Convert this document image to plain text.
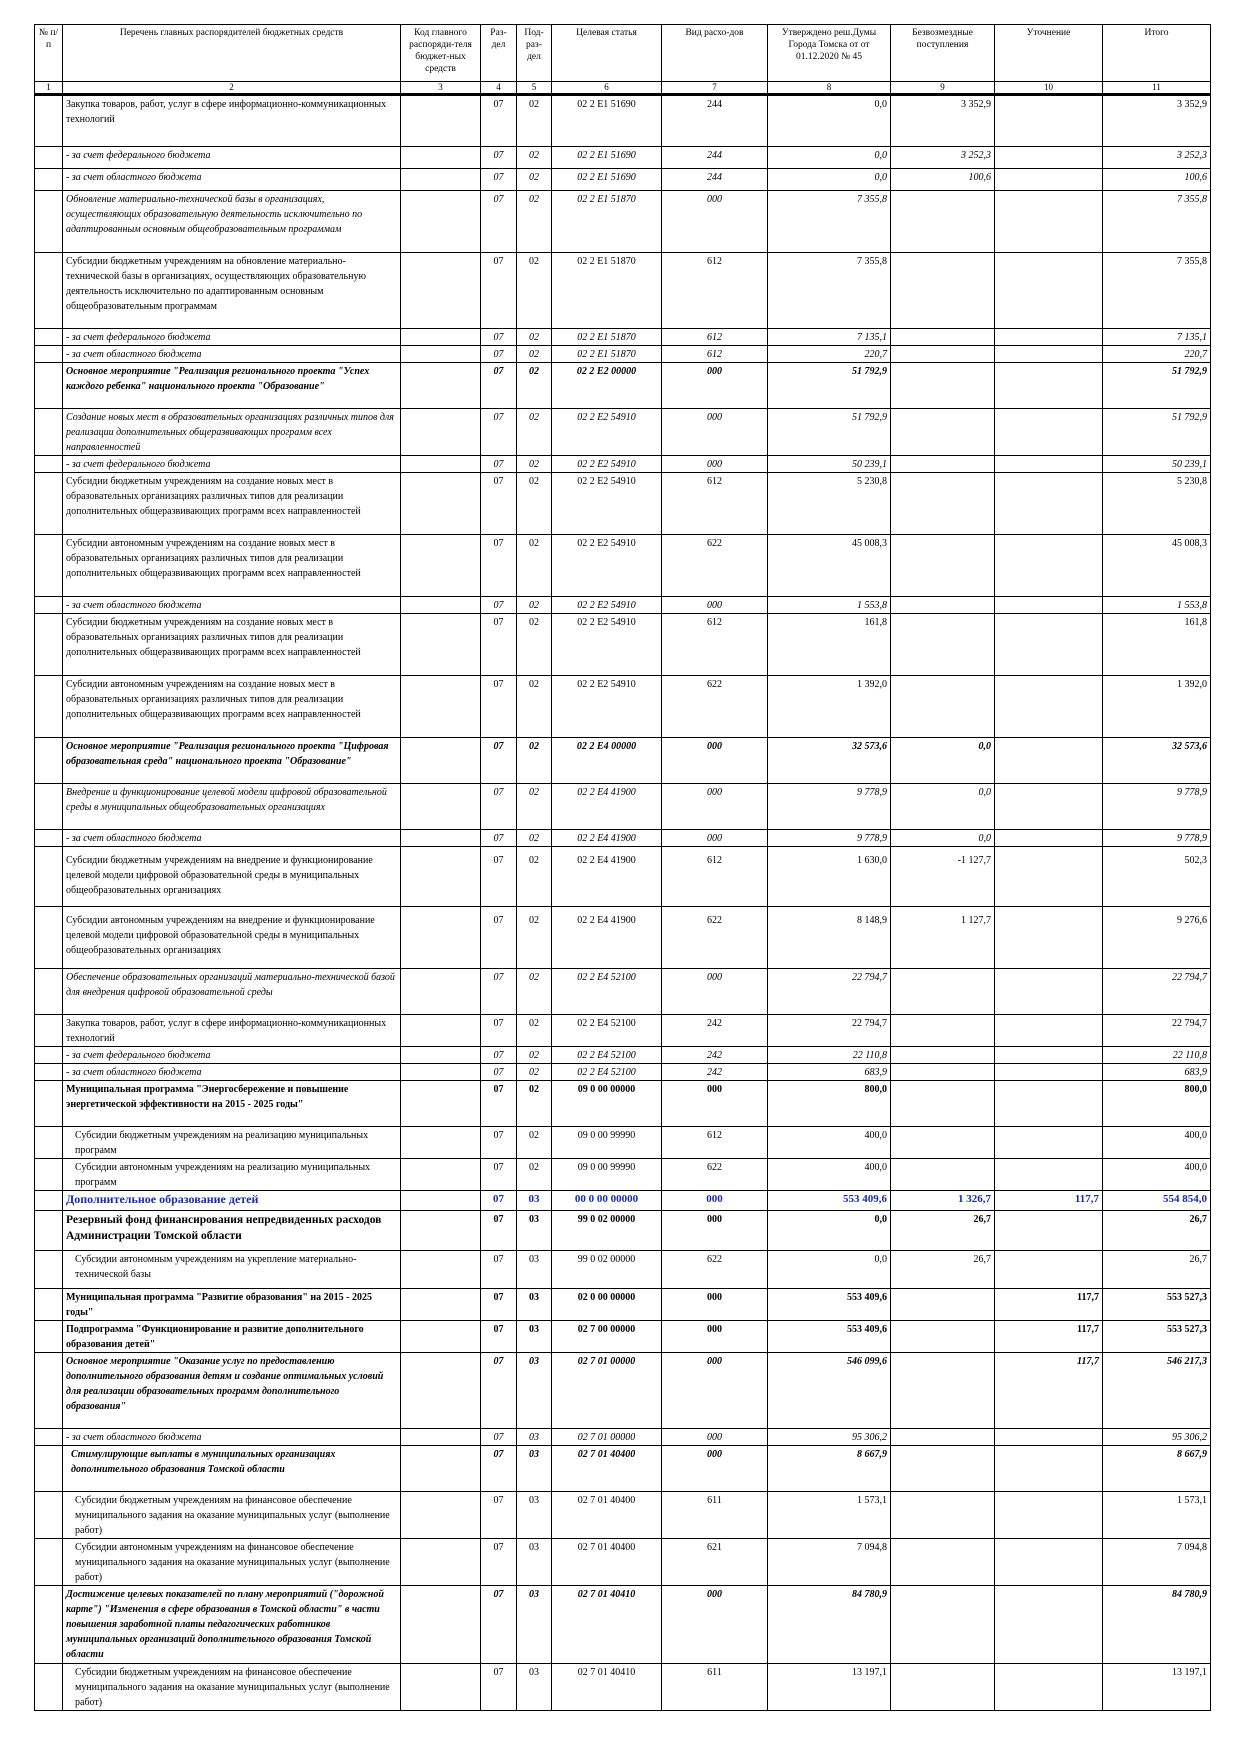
№ п/п	Перечень главных распорядителей бюджетных средств	Код главного распоряди-теля бюджет-ных средств	Раз-дел	Под-раз-дел	Целевая статья	Вид расхо-дов	Утверждено реш.Думы Города Томска от от 01.12.2020 № 45	Безвозмездные поступления	Уточнение	Итого
1	2	3	4	5	6	7	8	9	10	11
	Закупка товаров, работ, услуг в сфере информационно-коммуникационных технологий		07	02	02 2 E1 51690	244	0,0	3 352,9		3 352,9
	- за счет федерального бюджета		07	02	02 2 E1 51690	244	0,0	3 252,3		3 252,3
	- за счет областного бюджета		07	02	02 2 E1 51690	244	0,0	100,6		100,6
	Обновление материально-технической базы в организациях, осуществляющих образовательную деятельность исключительно по адаптированным основным общеобразовательным программам		07	02	02 2 E1 51870	000	7 355,8			7 355,8
	Субсидии бюджетным учреждениям на обновление материально-технической базы в организациях, осуществляющих образовательную деятельность исключительно по адаптированным основным общеобразовательным программам		07	02	02 2 E1 51870	612	7 355,8			7 355,8
	- за счет федерального бюджета		07	02	02 2 E1 51870	612	7 135,1			7 135,1
	- за счет областного бюджета		07	02	02 2 E1 51870	612	220,7			220,7
	Основное мероприятие "Реализация регионального проекта "Успех каждого ребенка" национального проекта "Образование"		07	02	02 2 E2 00000	000	51 792,9			51 792,9
	Создание новых мест в образовательных организациях различных типов для реализации дополнительных общеразвивающих программ всех направленностей		07	02	02 2 E2 54910	000	51 792,9			51 792,9
	- за счет федерального бюджета		07	02	02 2 E2 54910	000	50 239,1			50 239,1
	Субсидии бюджетным учреждениям на создание новых мест в образовательных организациях различных типов для реализации дополнительных общеразвивающих программ всех направленностей		07	02	02 2 E2 54910	612	5 230,8			5 230,8
	Субсидии автономным учреждениям на создание новых мест в образовательных организациях различных типов для реализации дополнительных общеразвивающих программ всех направленностей		07	02	02 2 E2 54910	622	45 008,3			45 008,3
	- за счет областного бюджета		07	02	02 2 E2 54910	000	1 553,8			1 553,8
	Субсидии бюджетным учреждениям на создание новых мест в образовательных организациях различных типов для реализации дополнительных общеразвивающих программ всех направленностей		07	02	02 2 E2 54910	612	161,8			161,8
	Субсидии автономным учреждениям на создание новых мест в образовательных организациях различных типов для реализации дополнительных общеразвивающих программ всех направленностей		07	02	02 2 E2 54910	622	1 392,0			1 392,0
	Основное мероприятие "Реализация регионального проекта "Цифровая образовательная среда" национального проекта "Образование"		07	02	02 2 E4 00000	000	32 573,6	0,0		32 573,6
	Внедрение и функционирование целевой модели цифровой образовательной среды в муниципальных общеобразовательных организациях		07	02	02 2 E4 41900	000	9 778,9	0,0		9 778,9
	- за счет областного бюджета		07	02	02 2 E4 41900	000	9 778,9	0,0		9 778,9
	Субсидии бюджетным учреждениям на внедрение и функционирование целевой модели цифровой образовательной среды в муниципальных общеобразовательных организациях		07	02	02 2 E4 41900	612	1 630,0	-1 127,7		502,3
	Субсидии автономным учреждениям на внедрение и функционирование целевой модели цифровой образовательной среды в муниципальных общеобразовательных организациях		07	02	02 2 E4 41900	622	8 148,9	1 127,7		9 276,6
	Обеспечение образовательных организаций материально-технической базой для внедрения цифровой образовательной среды		07	02	02 2 E4 52100	000	22 794,7			22 794,7
	Закупка товаров, работ, услуг в сфере информационно-коммуникационных технологий		07	02	02 2 E4 52100	242	22 794,7			22 794,7
	- за счет федерального бюджета		07	02	02 2 E4 52100	242	22 110,8			22 110,8
	- за счет областного бюджета		07	02	02 2 E4 52100	242	683,9			683,9
	Муниципальная программа "Энергосбережение и повышение энергетической эффективности на 2015 - 2025 годы"		07	02	09 0 00 00000	000	800,0			800,0
	Субсидии бюджетным учреждениям на реализацию муниципальных программ		07	02	09 0 00 99990	612	400,0			400,0
	Субсидии автономным учреждениям на реализацию муниципальных программ		07	02	09 0 00 99990	622	400,0			400,0
	Дополнительное образование детей		07	03	00 0 00 00000	000	553 409,6	1 326,7	117,7	554 854,0
	Резервный фонд финансирования непредвиденных расходов Администрации Томской области		07	03	99 0 02 00000	000	0,0	26,7		26,7
	Субсидии автономным учреждениям на укрепление материально-технической базы		07	03	99 0 02 00000	622	0,0	26,7		26,7
	Муниципальная программа "Развитие образования" на 2015 - 2025 годы"		07	03	02 0 00 00000	000	553 409,6		117,7	553 527,3
	Подпрограмма "Функционирование и развитие дополнительного образования детей"		07	03	02 7 00 00000	000	553 409,6		117,7	553 527,3
	Основное мероприятие "Оказание услуг по предоставлению дополнительного образования детям и создание оптимальных условий для реализации образовательных программ дополнительного образования"		07	03	02 7 01 00000	000	546 099,6		117,7	546 217,3
	- за счет областного бюджета		07	03	02 7 01 00000	000	95 306,2			95 306,2
	Стимулирующие выплаты в муниципальных организациях дополнительного образования Томской области		07	03	02 7 01 40400	000	8 667,9			8 667,9
	Субсидии бюджетным учреждениям на финансовое обеспечение муниципального задания на оказание муниципальных услуг (выполнение работ)		07	03	02 7 01 40400	611	1 573,1			1 573,1
	Субсидии автономным учреждениям на финансовое обеспечение муниципального задания на оказание муниципальных услуг (выполнение работ)		07	03	02 7 01 40400	621	7 094,8			7 094,8
	Достижение целевых показателей по плану мероприятий ("дорожной карте") "Изменения в сфере образования в Томской области" в части повышения заработной платы педагогических работников муниципальных организаций дополнительного образования Томской области		07	03	02 7 01 40410	000	84 780,9			84 780,9
	Субсидии бюджетным учреждениям на финансовое обеспечение муниципального задания на оказание муниципальных услуг (выполнение работ)		07	03	02 7 01 40410	611	13 197,1			13 197,1
